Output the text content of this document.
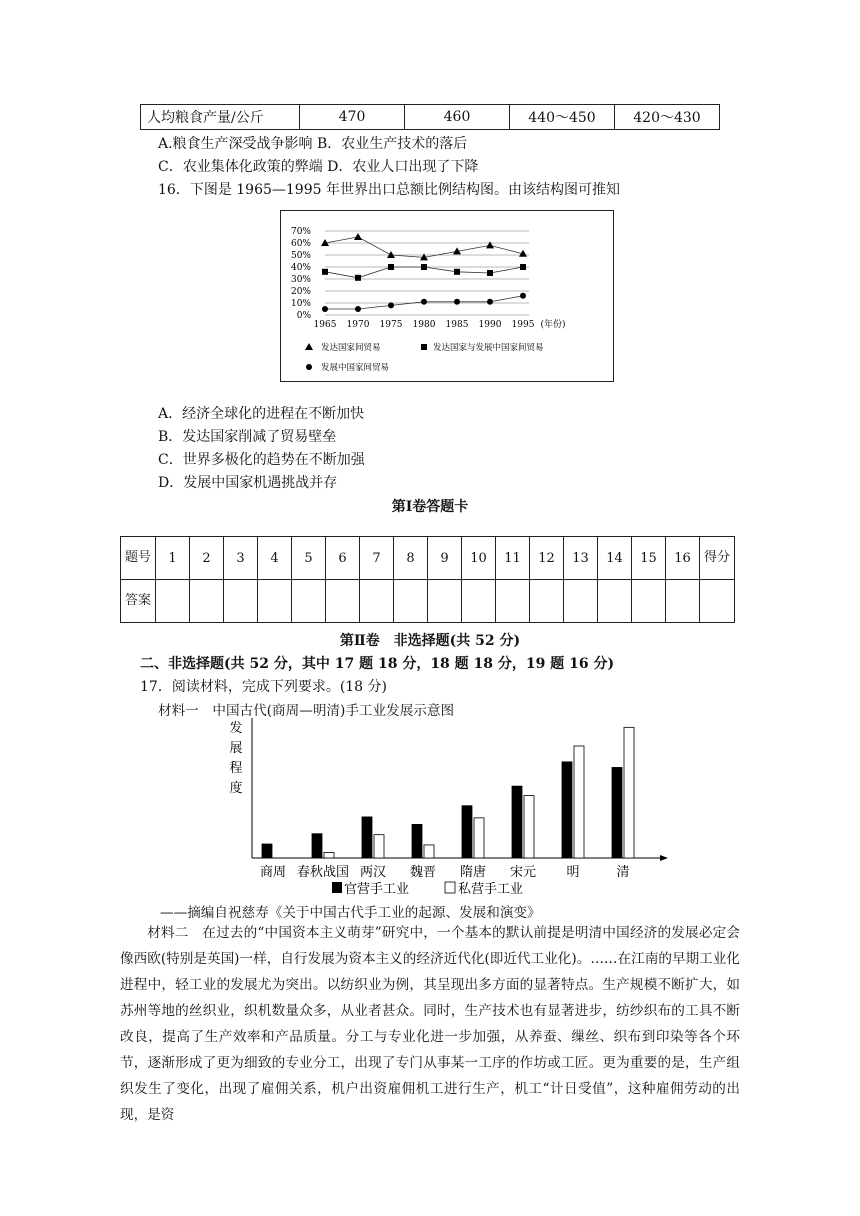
人均粮食产量/公斤	470	460	440～450	420～430
A.粮食生产深受战争影响 B．农业生产技术的落后
C．农业集体化政策的弊端 D．农业人口出现了下降
16．下图是 1965—1995 年世界出口总额比例结构图。由该结构图可推知
70%
60%
50%
40%
30%
20%
10%
0%
1965 1970 1975 1980 1985 1990 1995 (年份)
发达国家间贸易	发达国家与发展中国家间贸易
发展中国家间贸易
A．经济全球化的进程在不断加快
B．发达国家削减了贸易壁垒
C．世界多极化的趋势在不断加强
D．发展中国家机遇挑战并存
第Ⅰ卷答题卡
题号	1	2	3	4	5	6	7	8	9	10	11	12	13	14	15	16	得分
答案																	
第Ⅱ卷　非选择题(共 52 分)
二、非选择题(共 52 分，其中 17 题 18 分，18 题 18 分，19 题 16 分)
17．阅读材料，完成下列要求。(18 分)
材料一　中国古代(商周—明清)手工业发展示意图
发
展
程
度
商周 春秋战国 两汉 魏晋 隋唐 宋元 明	清
官营手工业	私营手工业
——摘编自祝慈寿《关于中国古代手工业的起源、发展和演变》
材料二　在过去的“中国资本主义萌芽”研究中，一个基本的默认前提是明清中国经济的发展必定会像西欧(特别是英国)一样，自行发展为资本主义的经济近代化(即近代工业化)。……在江南的早期工业化进程中，轻工业的发展尤为突出。以纺织业为例，其呈现出多方面的显著特点。生产规模不断扩大，如苏州等地的丝织业，织机数量众多，从业者甚众。同时，生产技术也有显著进步，纺纱织布的工具不断改良，提高了生产效率和产品质量。分工与专业化进一步加强，从养蚕、缫丝、织布到印染等各个环节，逐渐形成了更为细致的专业分工，出现了专门从事某一工序的作坊或工匠。更为重要的是，生产组织发生了变化，出现了雇佣关系，机户出资雇佣机工进行生产，机工“计日受值”，这种雇佣劳动的出现，是资
